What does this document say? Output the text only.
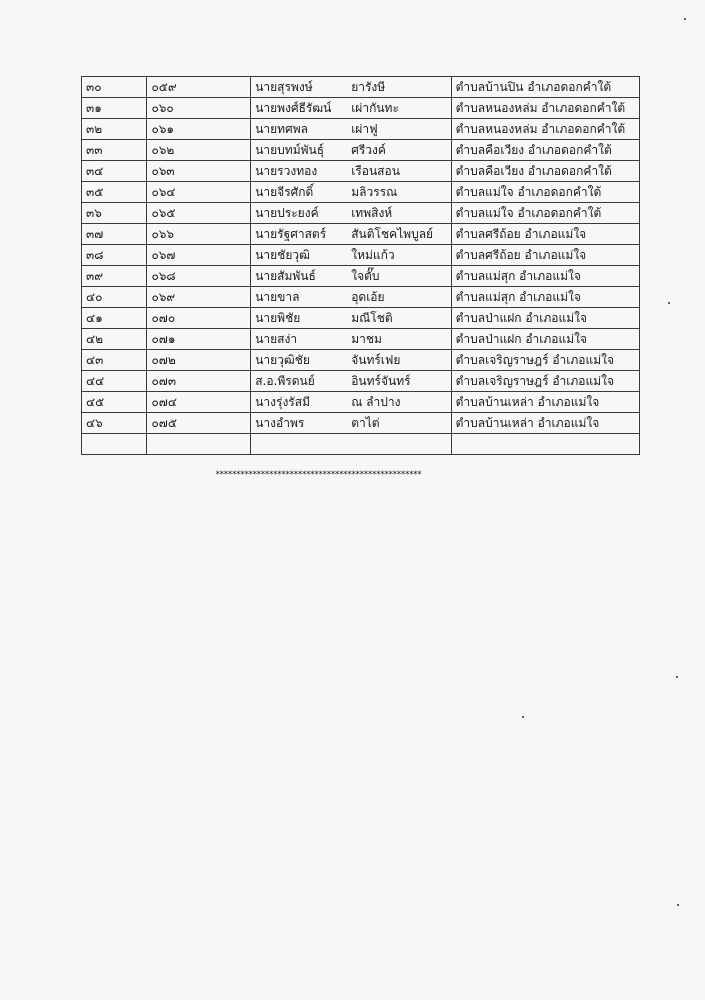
๓๐	๐๕๙	นายสุรพงษ์ ยารังษี	ตำบลบ้านปิน อำเภอดอกคำใต้
๓๑	๐๖๐	นายพงศ์ธีรัฒน์ เผ่ากันทะ	ตำบลหนองหล่ม อำเภอดอกคำใต้
๓๒	๐๖๑	นายทศพล เผ่าฟู	ตำบลหนองหล่ม อำเภอดอกคำใต้
๓๓	๐๖๒	นายบทม์พันธุ์ ศรีวงค์	ตำบลคือเวียง อำเภอดอกคำใต้
๓๔	๐๖๓	นายรวงทอง เรือนสอน	ตำบลคือเวียง อำเภอดอกคำใต้
๓๕	๐๖๔	นายจีรศักดิ์ มลิวรรณ	ตำบลแม่ใจ อำเภอดอกคำใต้
๓๖	๐๖๕	นายประยงค์ เทพสิงห์	ตำบลแม่ใจ อำเภอดอกคำใต้
๓๗	๐๖๖	นายรัฐศาสตร์ สันติโชคไพบูลย์	ตำบลศรีถ้อย อำเภอแม่ใจ
๓๘	๐๖๗	นายชัยวุฒิ ใหม่แก้ว	ตำบลศรีถ้อย อำเภอแม่ใจ
๓๙	๐๖๘	นายสัมพันธ์ ใจตั๊บ	ตำบลแม่สุก อำเภอแม่ใจ
๔๐	๐๖๙	นายขาล อุดเอ้ย	ตำบลแม่สุก อำเภอแม่ใจ
๔๑	๐๗๐	นายพิชัย มณีโชติ	ตำบลป่าแฝก อำเภอแม่ใจ
๔๒	๐๗๑	นายสง่า มาชม	ตำบลป่าแฝก อำเภอแม่ใจ
๔๓	๐๗๒	นายวุฒิชัย จันทร์เฟย	ตำบลเจริญราษฎร์ อำเภอแม่ใจ
๔๔	๐๗๓	ส.อ.พีรดนย์ อินทร์จันทร์	ตำบลเจริญราษฎร์ อำเภอแม่ใจ
๔๕	๐๗๔	นางรุ่งรัสมี ณ ลำปาง	ตำบลบ้านเหล่า อำเภอแม่ใจ
๔๖	๐๗๕	นางอำพร ตาไต่	ตำบลบ้านเหล่า อำเภอแม่ใจ

**************************************************
